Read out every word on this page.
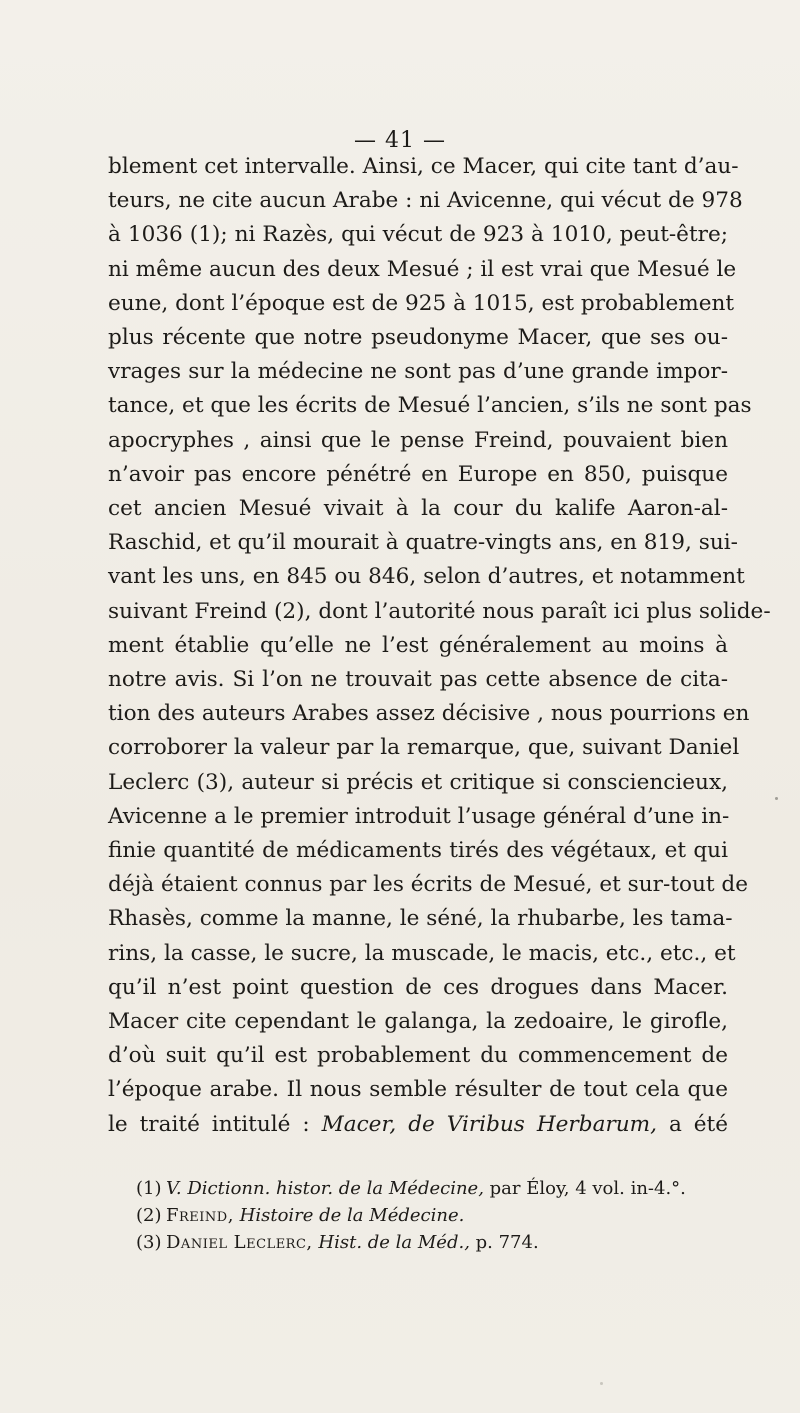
— 41 —
blement cet intervalle. Ainsi, ce Macer, qui cite tant d’au-
teurs, ne cite aucun Arabe : ni Avicenne, qui vécut de 978
à 1036 (1); ni Razès, qui vécut de 923 à 1010, peut-être;
ni même aucun des deux Mesué ; il est vrai que Mesué le
eune, dont l’époque est de 925 à 1015, est probablement
plus récente que notre pseudonyme Macer, que ses ou-
vrages sur la médecine ne sont pas d’une grande impor-
tance, et que les écrits de Mesué l’ancien, s’ils ne sont pas
apocryphes , ainsi que le pense Freind, pouvaient bien
n’avoir pas encore pénétré en Europe en 850, puisque
cet ancien Mesué vivait à la cour du kalife Aaron-al-
Raschid, et qu’il mourait à quatre-vingts ans, en 819, sui-
vant les uns, en 845 ou 846, selon d’autres, et notamment
suivant Freind (2), dont l’autorité nous paraît ici plus solide-
ment établie qu’elle ne l’est généralement au moins à
notre avis. Si l’on ne trouvait pas cette absence de cita-
tion des auteurs Arabes assez décisive , nous pourrions en
corroborer la valeur par la remarque, que, suivant Daniel
Leclerc (3), auteur si précis et critique si consciencieux,
Avicenne a le premier introduit l’usage général d’une in-
finie quantité de médicaments tirés des végétaux, et qui
déjà étaient connus par les écrits de Mesué, et sur-tout de
Rhasès, comme la manne, le séné, la rhubarbe, les tama-
rins, la casse, le sucre, la muscade, le macis, etc., etc., et
qu’il n’est point question de ces drogues dans Macer.
Macer cite cependant le galanga, la zedoaire, le girofle,
d’où suit qu’il est probablement du commencement de
l’époque arabe. Il nous semble résulter de tout cela que
le traité intitulé : Macer, de Viribus Herbarum, a été
(1) V. Dictionn. histor. de la Médecine, par Éloy, 4 vol. in-4.°.
(2) Freind, Histoire de la Médecine.
(3) Daniel Leclerc, Hist. de la Méd., p. 774.
